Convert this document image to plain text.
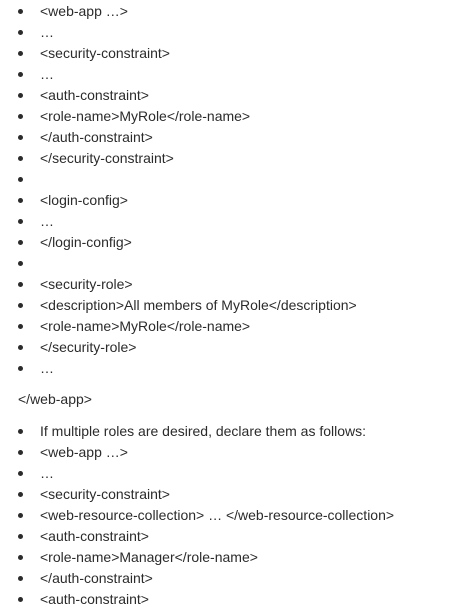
<web-app …>
…
<security-constraint>
…
<auth-constraint>
<role-name>MyRole</role-name>
</auth-constraint>
</security-constraint>
<login-config>
…
</login-config>
<security-role>
<description>All members of MyRole</description>
<role-name>MyRole</role-name>
</security-role>
…
</web-app>
If multiple roles are desired, declare them as follows:
<web-app …>
…
<security-constraint>
<web-resource-collection> … </web-resource-collection>
<auth-constraint>
<role-name>Manager</role-name>
</auth-constraint>
<auth-constraint>
